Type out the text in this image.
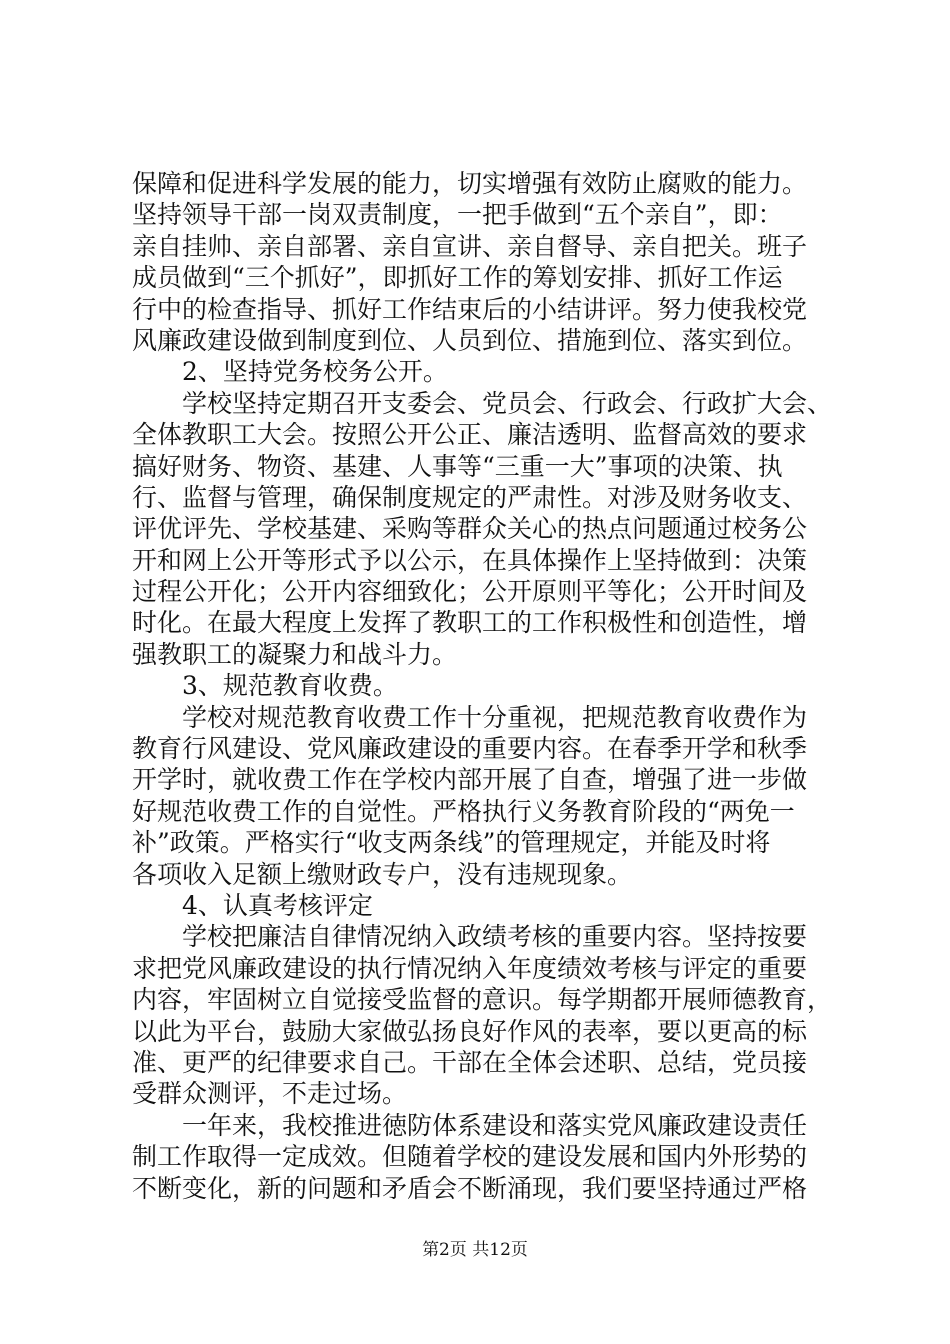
保障和促进科学发展的能力，切实增强有效防止腐败的能力。
坚持领导干部一岗双责制度，一把手做到“五个亲自”，即：
亲自挂帅、亲自部署、亲自宣讲、亲自督导、亲自把关。班子
成员做到“三个抓好”，即抓好工作的筹划安排、抓好工作运
行中的检查指导、抓好工作结束后的小结讲评。努力使我校党
风廉政建设做到制度到位、人员到位、措施到位、落实到位。
2、坚持党务校务公开。
学校坚持定期召开支委会、党员会、行政会、行政扩大会、
全体教职工大会。按照公开公正、廉洁透明、监督高效的要求
搞好财务、物资、基建、人事等“三重一大”事项的决策、执
行、监督与管理，确保制度规定的严肃性。对涉及财务收支、
评优评先、学校基建、采购等群众关心的热点问题通过校务公
开和网上公开等形式予以公示，在具体操作上坚持做到：决策
过程公开化；公开内容细致化；公开原则平等化；公开时间及
时化。在最大程度上发挥了教职工的工作积极性和创造性，增
强教职工的凝聚力和战斗力。
3、规范教育收费。
学校对规范教育收费工作十分重视，把规范教育收费作为
教育行风建设、党风廉政建设的重要内容。在春季开学和秋季
开学时，就收费工作在学校内部开展了自查，增强了进一步做
好规范收费工作的自觉性。严格执行义务教育阶段的“两免一
补”政策。严格实行“收支两条线”的管理规定，并能及时将
各项收入足额上缴财政专户，没有违规现象。
4、认真考核评定
学校把廉洁自律情况纳入政绩考核的重要内容。坚持按要
求把党风廉政建设的执行情况纳入年度绩效考核与评定的重要
内容，牢固树立自觉接受监督的意识。每学期都开展师德教育，
以此为平台，鼓励大家做弘扬良好作风的表率，要以更高的标
准、更严的纪律要求自己。干部在全体会述职、总结，党员接
受群众测评，不走过场。
一年来，我校推进徳防体系建设和落实党风廉政建设责任
制工作取得一定成效。但随着学校的建设发展和国内外形势的
不断变化，新的问题和矛盾会不断涌现，我们要坚持通过严格
第2页 共12页
